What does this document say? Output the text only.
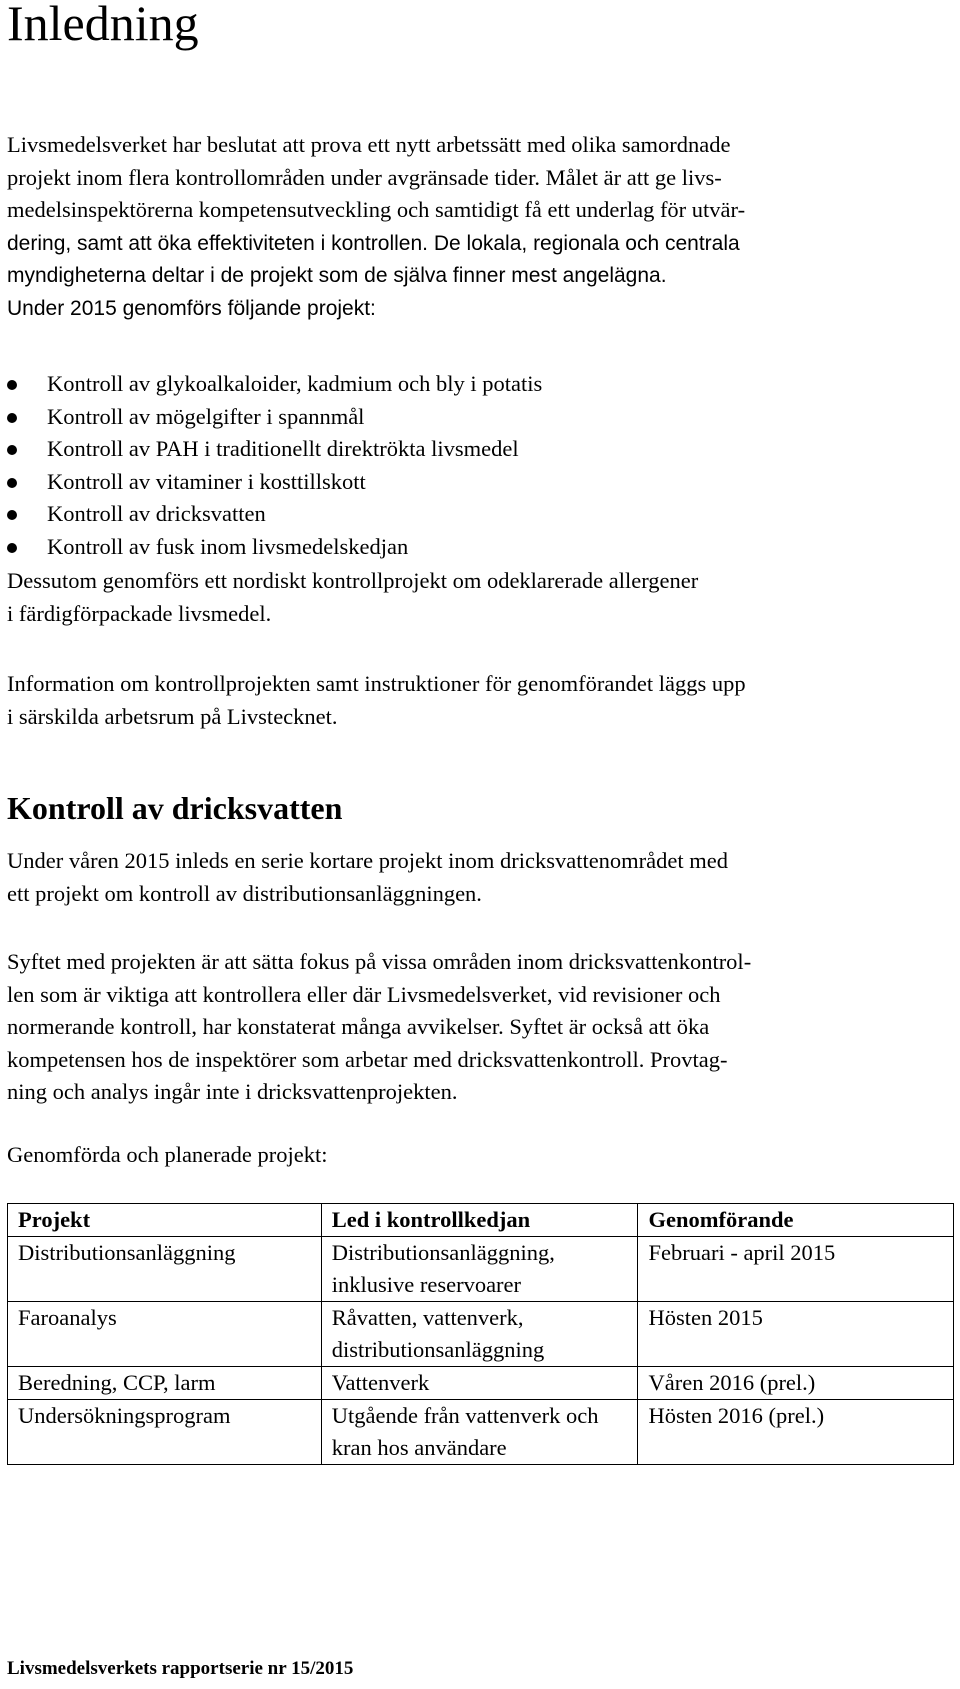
Inledning
Livsmedelsverket har beslutat att prova ett nytt arbetssätt med olika samordnade
projekt inom flera kontrollområden under avgränsade tider. Målet är att ge livs-
medelsinspektörerna kompetensutveckling och samtidigt få ett underlag för utvär-
dering, samt att öka effektiviteten i kontrollen. De lokala, regionala och centrala
myndigheterna deltar i de projekt som de själva finner mest angelägna.
Under 2015 genomförs följande projekt:
Kontroll av glykoalkaloider, kadmium och bly i potatis
Kontroll av mögelgifter i spannmål
Kontroll av PAH i traditionellt direktrökta livsmedel
Kontroll av vitaminer i kosttillskott
Kontroll av dricksvatten
Kontroll av fusk inom livsmedelskedjan
Dessutom genomförs ett nordiskt kontrollprojekt om odeklarerade allergener
i färdigförpackade livsmedel.
Information om kontrollprojekten samt instruktioner för genomförandet läggs upp
i särskilda arbetsrum på Livstecknet.
Kontroll av dricksvatten
Under våren 2015 inleds en serie kortare projekt inom dricksvattenområdet med
ett projekt om kontroll av distributionsanläggningen.
Syftet med projekten är att sätta fokus på vissa områden inom dricksvattenkontrol-
len som är viktiga att kontrollera eller där Livsmedelsverket, vid revisioner och
normerande kontroll, har konstaterat många avvikelser. Syftet är också att öka
kompetensen hos de inspektörer som arbetar med dricksvattenkontroll. Provtag-
ning och analys ingår inte i dricksvattenprojekten.
Genomförda och planerade projekt:
Projekt	Led i kontrollkedjan	Genomförande
Distributionsanläggning	Distributionsanläggning, inklusive reservoarer	Februari - april 2015
Faroanalys	Råvatten, vattenverk, distributionsanläggning	Hösten 2015
Beredning, CCP, larm	Vattenverk	Våren 2016 (prel.)
Undersökningsprogram	Utgående från vattenverk och kran hos användare	Hösten 2016 (prel.)
Livsmedelsverkets rapportserie nr 15/2015
